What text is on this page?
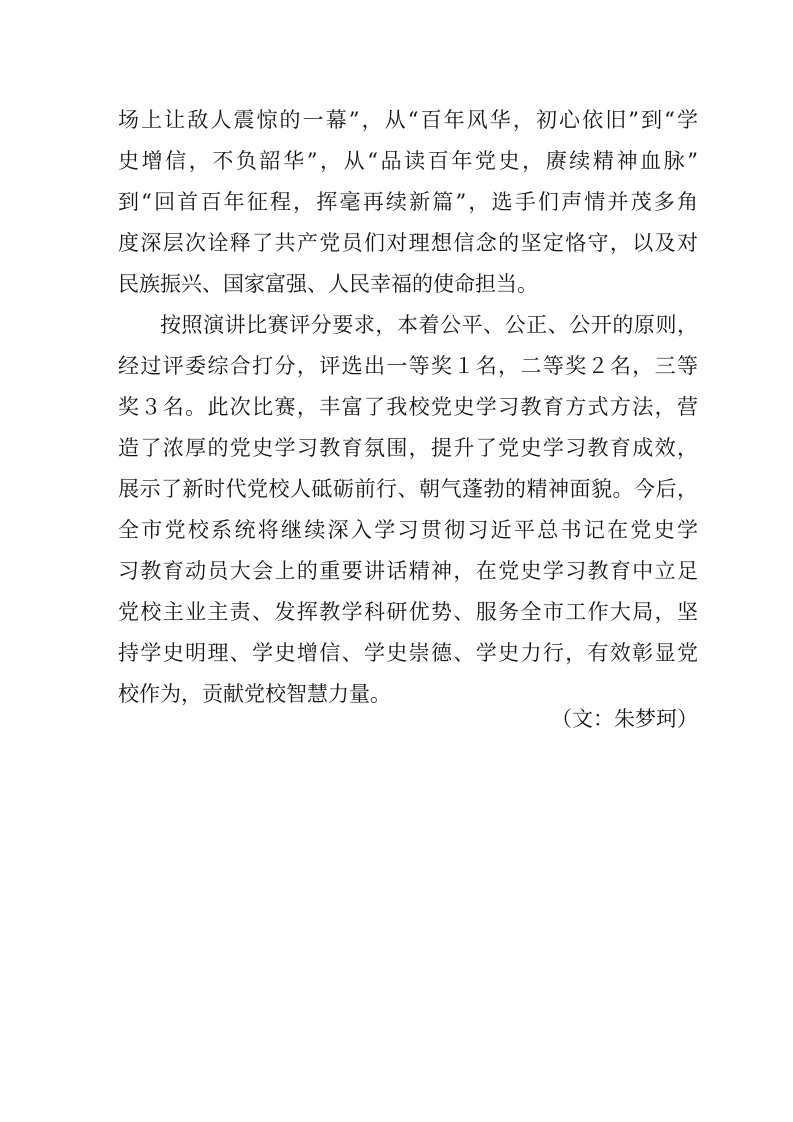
场上让敌人震惊的一幕”，从“百年风华，初心依旧”到“学
史增信，不负韶华”，从“品读百年党史，赓续精神血脉”
到“回首百年征程，挥毫再续新篇”，选手们声情并茂多角
度深层次诠释了共产党员们对理想信念的坚定恪守，以及对
民族振兴、国家富强、人民幸福的使命担当。
按照演讲比赛评分要求，本着公平、公正、公开的原则，
经过评委综合打分，评选出一等奖１名，二等奖２名，三等
奖３名。此次比赛，丰富了我校党史学习教育方式方法，营
造了浓厚的党史学习教育氛围，提升了党史学习教育成效，
展示了新时代党校人砥砺前行、朝气蓬勃的精神面貌。今后，
全市党校系统将继续深入学习贯彻习近平总书记在党史学
习教育动员大会上的重要讲话精神，在党史学习教育中立足
党校主业主责、发挥教学科研优势、服务全市工作大局，坚
持学史明理、学史增信、学史崇德、学史力行，有效彰显党
校作为，贡献党校智慧力量。
（文：朱梦珂）
